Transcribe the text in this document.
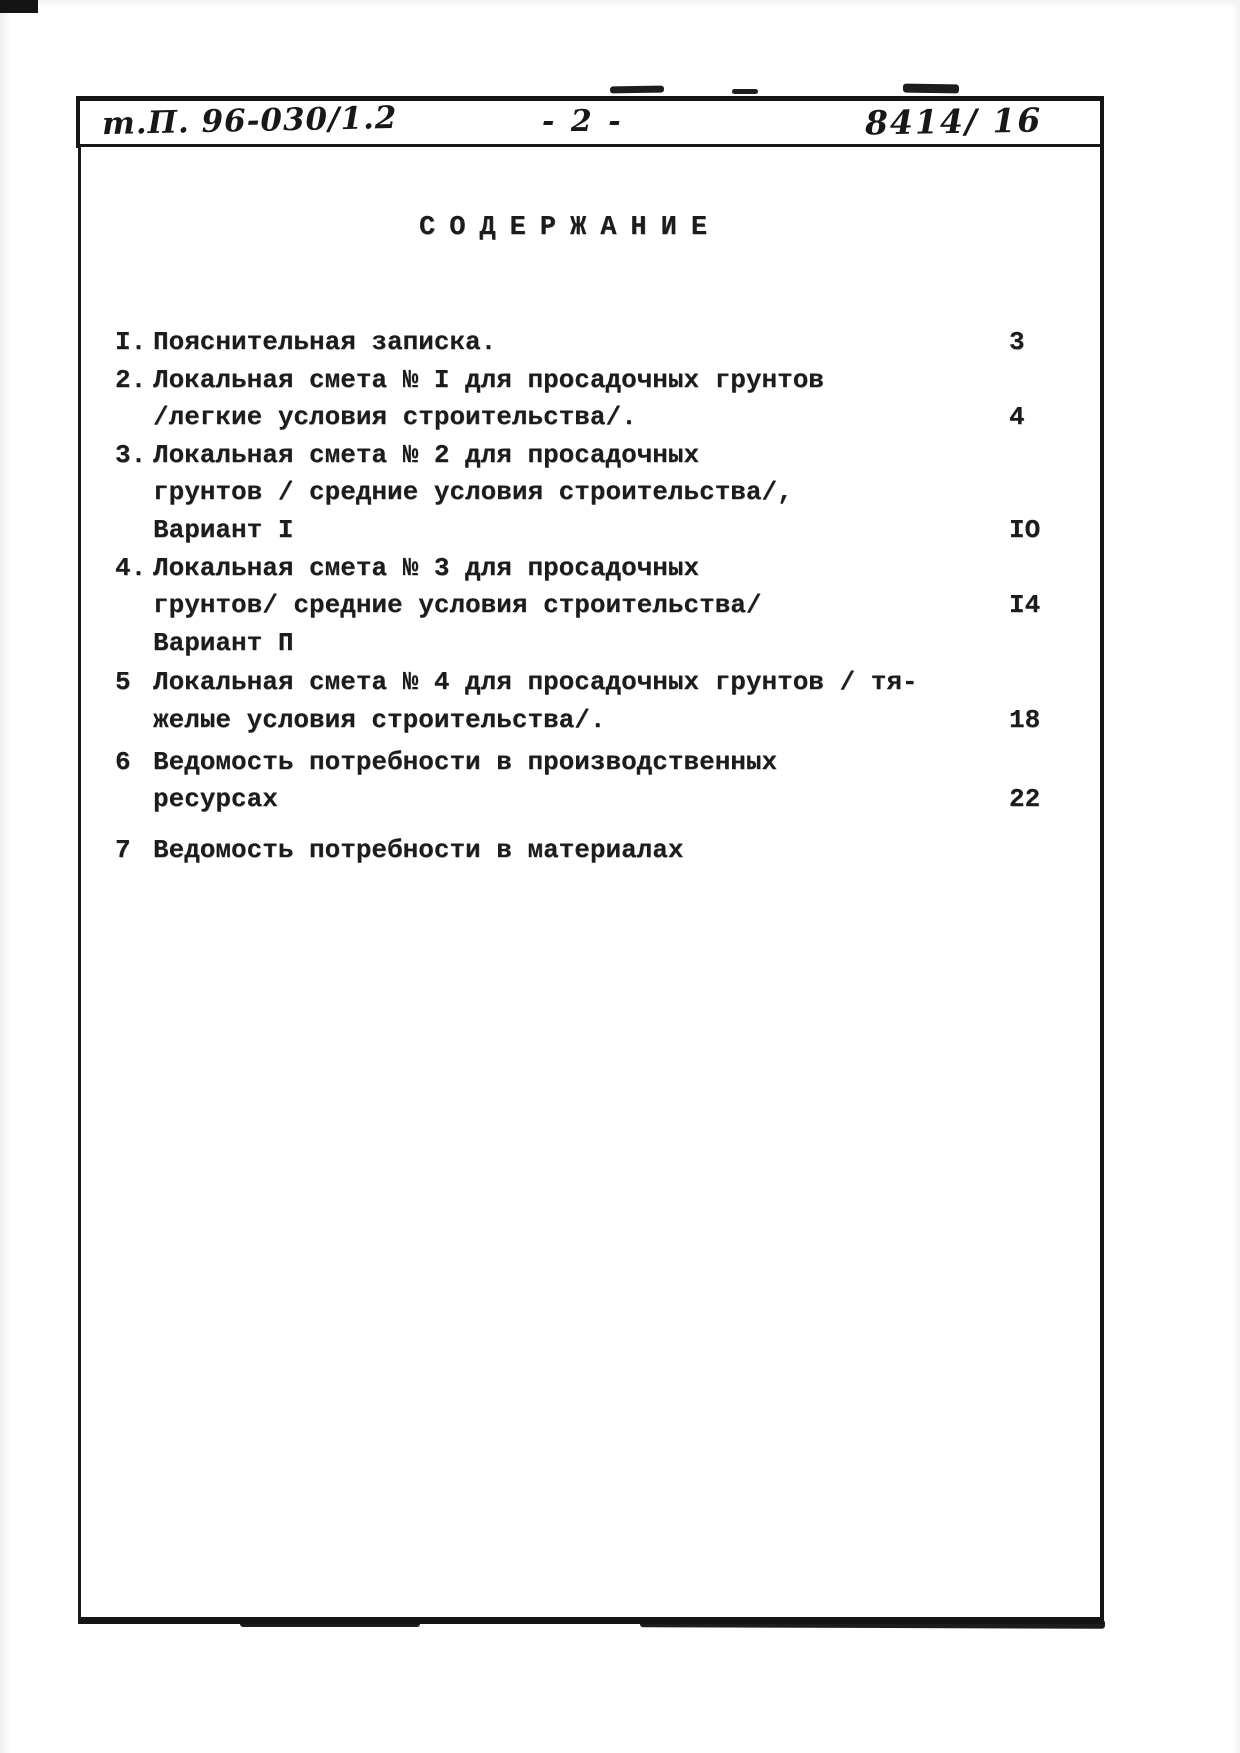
т.П. 96-030/1.2	- 2 -	8414/ 16
СОДЕРЖАНИЕ
I. Пояснительная записка.	3
2. Локальная смета № I для просадочных грунтов
/легкие условия строительства/.	4
3. Локальная смета № 2 для просадочных
грунтов / средние условия строительства/,
Вариант I	IO
4. Локальная смета № 3 для просадочных
грунтов/ средние условия строительства/	I4
Вариант П
5 Локальная смета № 4 для просадочных грунтов / тя-
желые условия строительства/.	18
6 Ведомость потребности в производственных
ресурсах	22
7 Ведомость потребности в материалах
